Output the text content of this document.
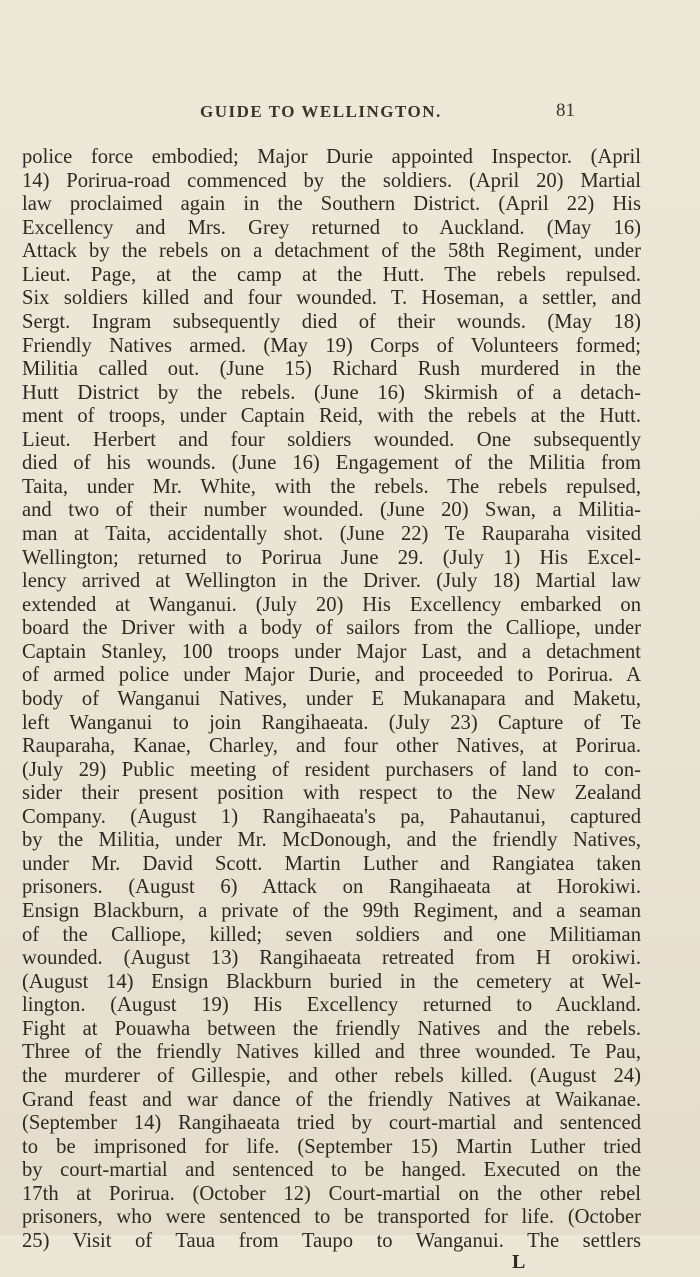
GUIDE TO WELLINGTON.	81
police force embodied; Major Durie appointed Inspector. (April
14) Porirua-road commenced by the soldiers. (April 20) Martial
law proclaimed again in the Southern District. (April 22) His
Excellency and Mrs. Grey returned to Auckland. (May 16)
Attack by the rebels on a detachment of the 58th Regiment, under
Lieut. Page, at the camp at the Hutt. The rebels repulsed.
Six soldiers killed and four wounded. T. Hoseman, a settler, and
Sergt. Ingram subsequently died of their wounds. (May 18)
Friendly Natives armed. (May 19) Corps of Volunteers formed;
Militia called out. (June 15) Richard Rush murdered in the
Hutt District by the rebels. (June 16) Skirmish of a detach-
ment of troops, under Captain Reid, with the rebels at the Hutt.
Lieut. Herbert and four soldiers wounded. One subsequently
died of his wounds. (June 16) Engagement of the Militia from
Taita, under Mr. White, with the rebels. The rebels repulsed,
and two of their number wounded. (June 20) Swan, a Militia-
man at Taita, accidentally shot. (June 22) Te Rauparaha visited
Wellington; returned to Porirua June 29. (July 1) His Excel-
lency arrived at Wellington in the Driver. (July 18) Martial law
extended at Wanganui. (July 20) His Excellency embarked on
board the Driver with a body of sailors from the Calliope, under
Captain Stanley, 100 troops under Major Last, and a detachment
of armed police under Major Durie, and proceeded to Porirua. A
body of Wanganui Natives, under E Mukanapara and Maketu,
left Wanganui to join Rangihaeata. (July 23) Capture of Te
Rauparaha, Kanae, Charley, and four other Natives, at Porirua.
(July 29) Public meeting of resident purchasers of land to con-
sider their present position with respect to the New Zealand
Company. (August 1) Rangihaeata's pa, Pahautanui, captured
by the Militia, under Mr. McDonough, and the friendly Natives,
under Mr. David Scott. Martin Luther and Rangiatea taken
prisoners. (August 6) Attack on Rangihaeata at Horokiwi.
Ensign Blackburn, a private of the 99th Regiment, and a seaman
of the Calliope, killed; seven soldiers and one Militiaman
wounded. (August 13) Rangihaeata retreated from H orokiwi.
(August 14) Ensign Blackburn buried in the cemetery at Wel-
lington. (August 19) His Excellency returned to Auckland.
Fight at Pouawha between the friendly Natives and the rebels.
Three of the friendly Natives killed and three wounded. Te Pau,
the murderer of Gillespie, and other rebels killed. (August 24)
Grand feast and war dance of the friendly Natives at Waikanae.
(September 14) Rangihaeata tried by court-martial and sentenced
to be imprisoned for life. (September 15) Martin Luther tried
by court-martial and sentenced to be hanged. Executed on the
17th at Porirua. (October 12) Court-martial on the other rebel
prisoners, who were sentenced to be transported for life. (October
25) Visit of Taua from Taupo to Wanganui. The settlers
L
